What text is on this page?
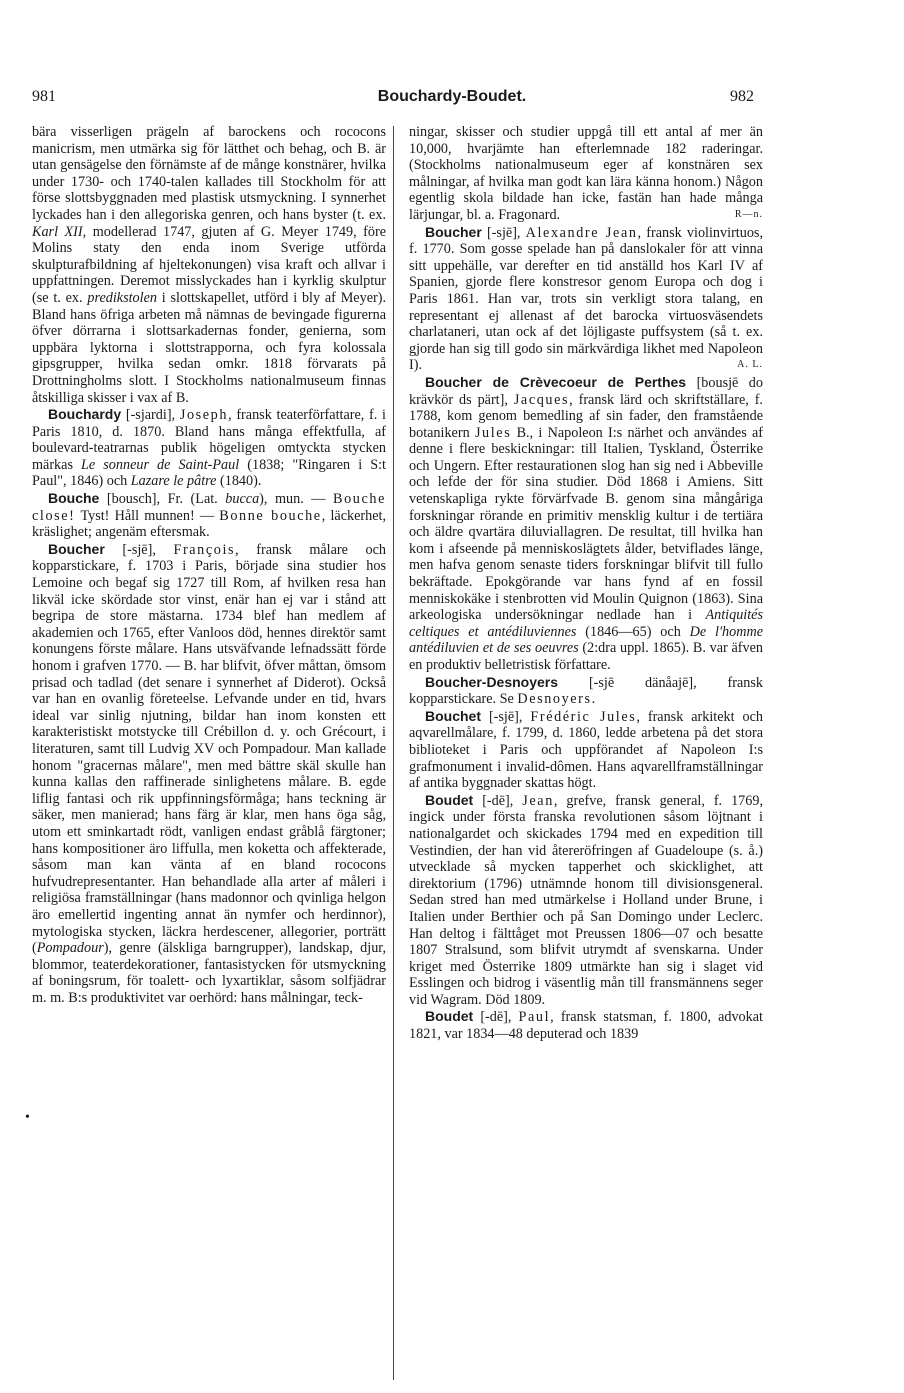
981	Bouchardy-Boudet.	982
•

bära visserligen prägeln af barockens och rococons manicrism, men utmärka sig för lätthet och behag, och B. är utan gensägelse den förnämste af de månge konstnärer, hvilka under 1730- och 1740-talen kallades till Stockholm för att förse slottsbyggnaden med plastisk utsmyckning. I synnerhet lyckades han i den allegoriska genren, och hans byster (t. ex. Karl XII, modellerad 1747, gjuten af G. Meyer 1749, före Molins staty den enda inom Sverige utförda skulpturafbildning af hjeltekonungen) visa kraft och allvar i uppfattningen. Deremot misslyckades han i kyrklig skulptur (se t. ex. predikstolen i slottskapellet, utförd i bly af Meyer). Bland hans öfriga arbeten må nämnas de bevingade figurerna öfver dörrarna i slottsarkadernas fonder, genierna, som uppbära lyktorna i slottstrapporna, och fyra kolossala gipsgrupper, hvilka sedan omkr. 1818 förvarats på Drottningholms slott. I Stockholms nationalmuseum finnas åtskilliga skisser i vax af B.

Bouchardy [-sjardi], Joseph, fransk teaterförfattare, f. i Paris 1810, d. 1870. Bland hans många effektfulla, af boulevard-teatrarnas publik högeligen omtyckta stycken märkas Le sonneur de Saint-Paul (1838; "Ringaren i S:t Paul", 1846) och Lazare le pâtre (1840).

Bouche [bousch], Fr. (Lat. bucca), mun. — Bouche close! Tyst! Håll munnen! — Bonne bouche, läckerhet, kräslighet; angenäm eftersmak.

Boucher [-sjē], François, fransk målare och kopparstickare, f. 1703 i Paris, började sina studier hos Lemoine och begaf sig 1727 till Rom, af hvilken resa han likväl icke skördade stor vinst, enär han ej var i stånd att begripa de store mästarna. 1734 blef han medlem af akademien och 1765, efter Vanloos död, hennes direktör samt konungens förste målare. Hans utsväfvande lefnadssätt förde honom i grafven 1770. — B. har blifvit, öfver måttan, ömsom prisad och tadlad (det senare i synnerhet af Diderot). Också var han en ovanlig företeelse. Lefvande under en tid, hvars ideal var sinlig njutning, bildar han inom konsten ett karakteristiskt motstycke till Crébillon d. y. och Grécourt, i literaturen, samt till Ludvig XV och Pompadour. Man kallade honom "gracernas målare", men med bättre skäl skulle han kunna kallas den raffinerade sinlighetens målare. B. egde liflig fantasi och rik uppfinningsförmåga; hans teckning är säker, men manierad; hans färg är klar, men hans öga såg, utom ett sminkartadt rödt, vanligen endast gråblå färgtoner; hans kompositioner äro liffulla, men koketta och affekterade, såsom man kan vänta af en bland rococons hufvudrepresentanter. Han behandlade alla arter af måleri i religiösa framställningar (hans madonnor och qvinliga helgon äro emellertid ingenting annat än nymfer och herdinnor), mytologiska stycken, läckra herdescener, allegorier, porträtt (Pompadour), genre (älskliga barngrupper), landskap, djur, blommor, teaterdekorationer, fantasistycken för utsmyckning af boningsrum, för toalett- och lyxartiklar, såsom solfjädrar m. m. B:s produktivitet var oerhörd: hans målningar, teck-

ningar, skisser och studier uppgå till ett antal af mer än 10,000, hvarjämte han efterlemnade 182 raderingar. (Stockholms nationalmuseum eger af konstnären sex målningar, af hvilka man godt kan lära känna honom.) Någon egentlig skola bildade han icke, fastän han hade många lärjungar, bl. a. Fragonard.	R—n.

Boucher [-sjē], Alexandre Jean, fransk violinvirtuos, f. 1770. Som gosse spelade han på danslokaler för att vinna sitt uppehälle, var derefter en tid anställd hos Karl IV af Spanien, gjorde flere konstresor genom Europa och dog i Paris 1861. Han var, trots sin verkligt stora talang, en representant ej allenast af det barocka virtuosväsendets charlataneri, utan ock af det löjligaste puffsystem (så t. ex. gjorde han sig till godo sin märkvärdiga likhet med Napoleon I).	A. L.

Boucher de Crèvecoeur de Perthes [bousjē do krävkör ds pärt], Jacques, fransk lärd och skriftställare, f. 1788, kom genom bemedling af sin fader, den framstående botanikern Jules B., i Napoleon I:s närhet och användes af denne i flere beskickningar: till Italien, Tyskland, Österrike och Ungern. Efter restaurationen slog han sig ned i Abbeville och lefde der för sina studier. Död 1868 i Amiens. Sitt vetenskapliga rykte förvärfvade B. genom sina mångåriga forskningar rörande en primitiv mensklig kultur i de tertiära och äldre qvartära diluviallagren. De resultat, till hvilka han kom i afseende på menniskoslägtets ålder, betviflades länge, men hafva genom senaste tiders forskningar blifvit till fullo bekräftade. Epokgörande var hans fynd af en fossil menniskokäke i stenbrotten vid Moulin Quignon (1863). Sina arkeologiska undersökningar nedlade han i Antiquités celtiques et antédiluviennes (1846—65) och De l'homme antédiluvien et de ses oeuvres (2:dra uppl. 1865). B. var äfven en produktiv belletristisk författare.

Boucher-Desnoyers [-sjē dänåajē], fransk kopparstickare. Se Desnoyers.

Bouchet [-sjē], Frédéric Jules, fransk arkitekt och aqvarellmålare, f. 1799, d. 1860, ledde arbetena på det stora biblioteket i Paris och uppförandet af Napoleon I:s grafmonument i invalid-dômen. Hans aqvarellframställningar af antika byggnader skattas högt.

Boudet [-dē], Jean, grefve, fransk general, f. 1769, ingick under första franska revolutionen såsom löjtnant i nationalgardet och skickades 1794 med en expedition till Vestindien, der han vid återeröfringen af Guadeloupe (s. å.) utvecklade så mycken tapperhet och skicklighet, att direktorium (1796) utnämnde honom till divisionsgeneral. Sedan stred han med utmärkelse i Holland under Brune, i Italien under Berthier och på San Domingo under Leclerc. Han deltog i fälttåget mot Preussen 1806—07 och besatte 1807 Stralsund, som blifvit utrymdt af svenskarna. Under kriget med Österrike 1809 utmärkte han sig i slaget vid Esslingen och bidrog i väsentlig mån till fransmännens seger vid Wagram. Död 1809.

Boudet [-dē], Paul, fransk statsman, f. 1800, advokat 1821, var 1834—48 deputerad och 1839
